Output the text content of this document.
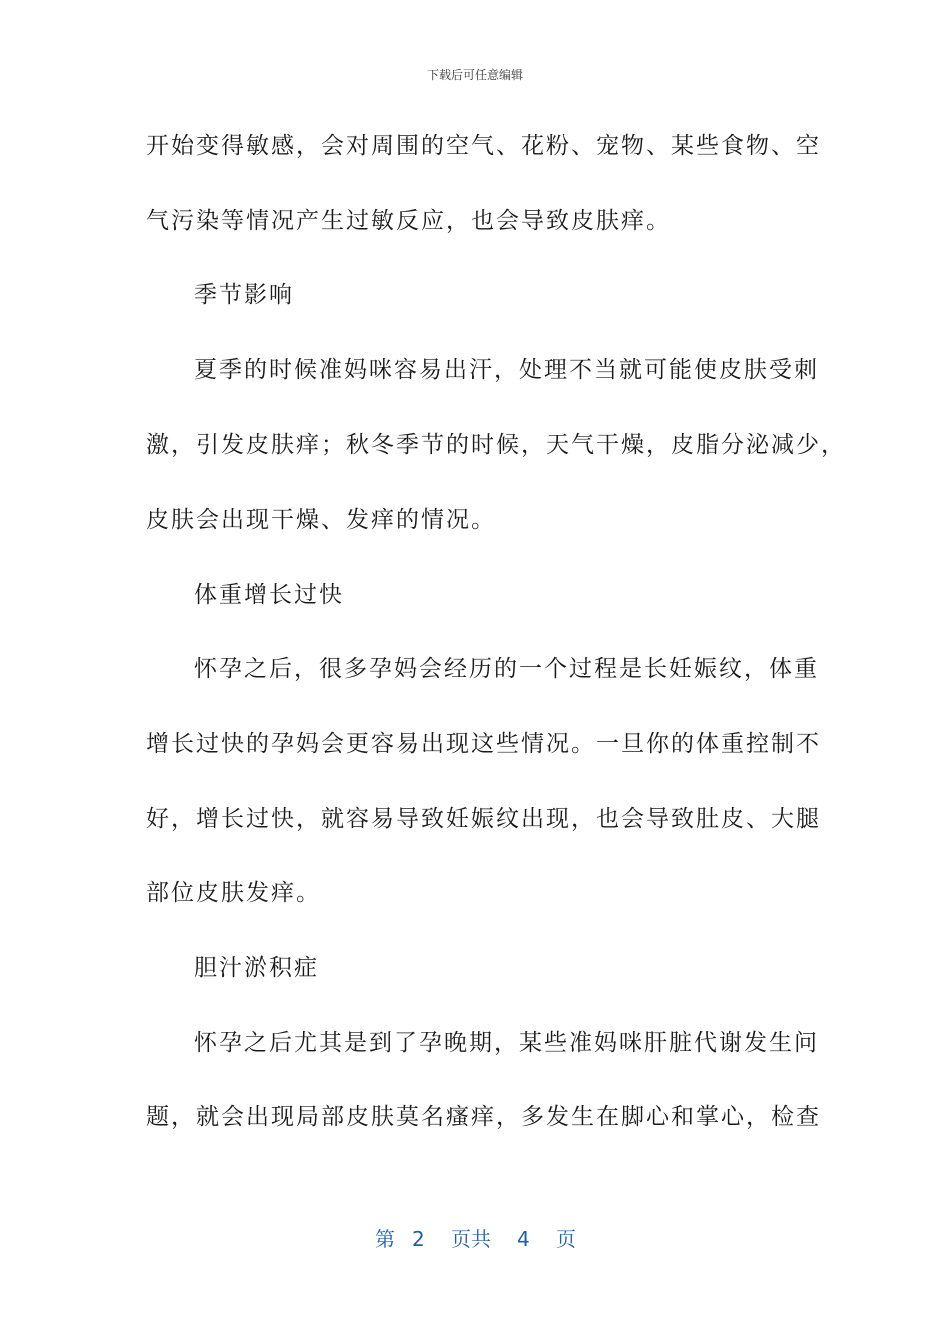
下载后可任意编辑
开始变得敏感，会对周围的空气、花粉、宠物、某些食物、空
气污染等情况产生过敏反应，也会导致皮肤痒。
季节影响
夏季的时候准妈咪容易出汗，处理不当就可能使皮肤受刺
激，引发皮肤痒；秋冬季节的时候，天气干燥，皮脂分泌减少，
皮肤会出现干燥、发痒的情况。
体重增长过快
怀孕之后，很多孕妈会经历的一个过程是长妊娠纹，体重
增长过快的孕妈会更容易出现这些情况。一旦你的体重控制不
好，增长过快，就容易导致妊娠纹出现，也会导致肚皮、大腿
部位皮肤发痒。
胆汁淤积症
怀孕之后尤其是到了孕晚期，某些准妈咪肝脏代谢发生问
题，就会出现局部皮肤莫名瘙痒，多发生在脚心和掌心，检查
第 2 页共 4 页
